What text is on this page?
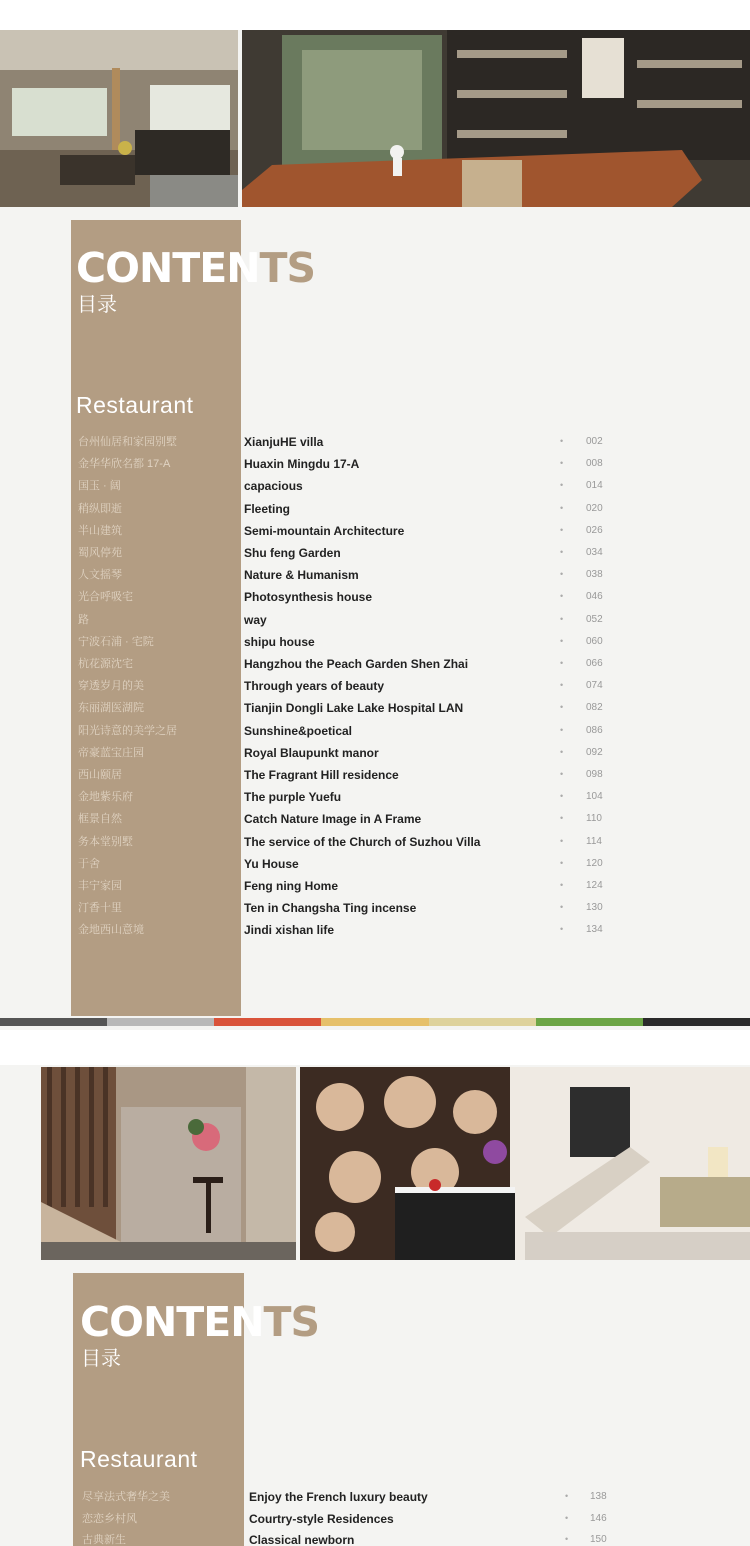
CONTENTS
目录
Restaurant
台州仙居和家园别墅	XianjuHE villa	• 002
金华华欣名都 17-A	Huaxin Mingdu 17-A	• 008
国玉 · 阔	capacious	• 014
稍纵即逝	Fleeting	• 020
半山建筑	Semi-mountain Architecture	• 026
蜀风停苑	Shu feng Garden	• 034
人文摇琴	Nature & Humanism	• 038
光合呼吸宅	Photosynthesis house	• 046
路	way	• 052
宁波石浦 · 宅院	shipu house	• 060
杭花源沈宅	Hangzhou the Peach Garden Shen Zhai	• 066
穿透岁月的美	Through years of beauty	• 074
东丽湖医湖院	Tianjin Dongli Lake Lake Hospital LAN	• 082
阳光诗意的美学之居	Sunshine&poetical	• 086
帝豪蓝宝庄园	Royal Blaupunkt manor	• 092
西山颐居	The Fragrant Hill residence	• 098
金地紫乐府	The purple Yuefu	• 104
框景自然	Catch Nature Image in A Frame	• 110
务本堂别墅	The service of the Church of Suzhou Villa	• 114
于舍	Yu House	• 120
丰宁家园	Feng ning Home	• 124
汀香十里	Ten in Changsha Ting incense	• 130
金地西山意境	Jindi xishan life	• 134
CONTENTS
目录
Restaurant
尽享法式奢华之美	Enjoy the French luxury beauty	• 138
恋恋乡村风	Courtry-style Residences	• 146
古典新生	Classical newborn	• 150
